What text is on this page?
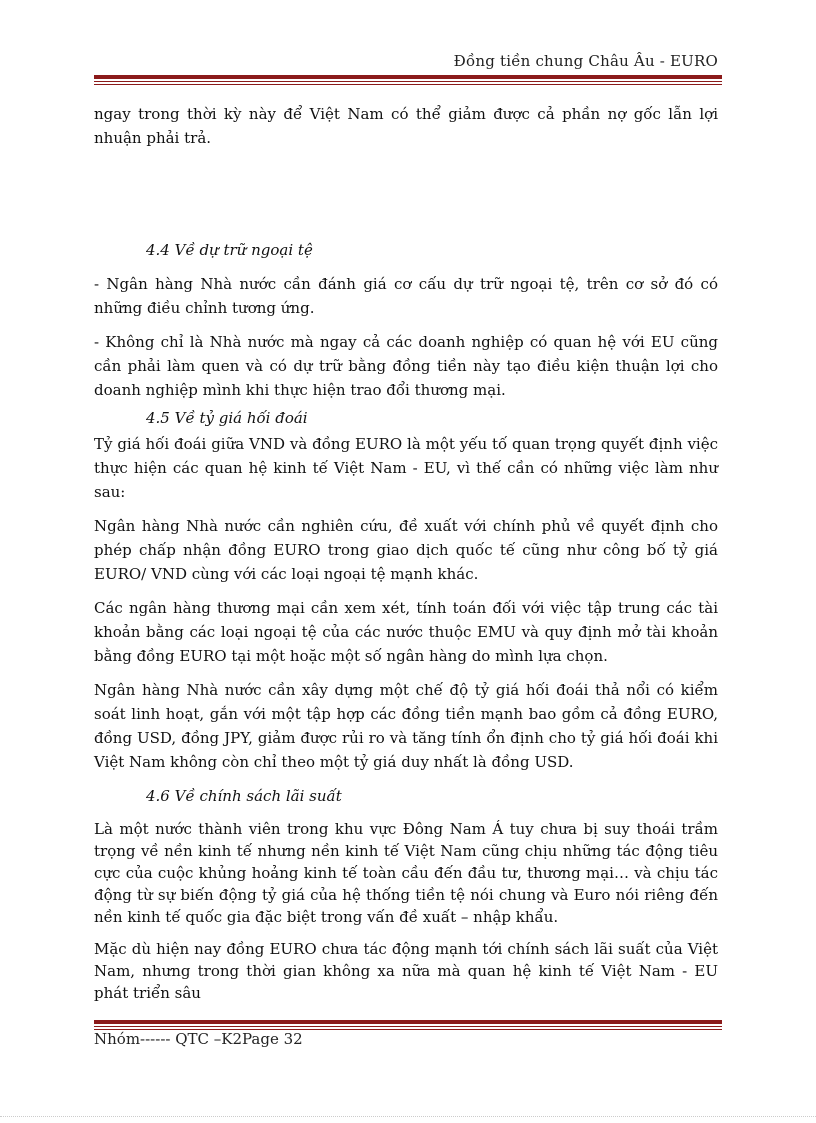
Đồng tiền chung Châu Âu - EURO

ngay trong thời kỳ này để Việt Nam có thể giảm được cả phần nợ gốc lẫn lợi nhuận phải trả.

4.4 Về dự trữ ngoại tệ

- Ngân hàng Nhà nước cần đánh giá cơ cấu dự trữ ngoại tệ, trên cơ sở đó có những điều chỉnh tương ứng.

- Không chỉ là Nhà nước mà ngay cả các doanh nghiệp có quan hệ với EU cũng cần phải làm quen và có dự trữ bằng đồng tiền này tạo điều kiện thuận lợi cho doanh nghiệp mình khi thực hiện trao đổi thương mại.

4.5 Về tỷ giá hối đoái

Tỷ giá hối đoái giữa VND và đồng EURO là một yếu tố quan trọng quyết định việc thực hiện các quan hệ kinh tế Việt Nam - EU, vì thế cần có những việc làm như sau:

Ngân hàng Nhà nước cần nghiên cứu, đề xuất với chính phủ về quyết định cho phép chấp nhận đồng EURO trong giao dịch quốc tế cũng như công bố tỷ giá EURO/ VND cùng với các loại ngoại tệ mạnh khác.

Các ngân hàng thương mại cần xem xét, tính toán đối với việc tập trung các tài khoản bằng các loại ngoại tệ của các nước thuộc EMU và quy định mở tài khoản bằng đồng EURO tại một hoặc một số ngân hàng do mình lựa chọn.

Ngân hàng Nhà nước cần xây dựng một chế độ tỷ giá hối đoái thả nổi có kiểm soát linh hoạt, gắn với một tập hợp các đồng tiền mạnh bao gồm cả đồng EURO, đồng USD, đồng JPY, giảm được rủi ro và tăng tính ổn định cho tỷ giá hối đoái khi Việt Nam không còn chỉ theo một tỷ giá duy nhất là đồng USD.

4.6 Về chính sách lãi suất

Là một nước thành viên trong khu vực Đông Nam Á tuy chưa bị suy thoái trầm trọng về nền kinh tế nhưng nền kinh tế Việt Nam cũng chịu những tác động tiêu cực của cuộc khủng hoảng kinh tế toàn cầu đến đầu tư, thương mại… và chịu tác động từ sự biến động tỷ giá của hệ thống tiền tệ nói chung và Euro nói riêng đến nền kinh tế quốc gia đặc biệt trong vấn đề xuất – nhập khẩu.

Mặc dù hiện nay đồng EURO chưa tác động mạnh tới chính sách lãi suất của Việt Nam, nhưng trong thời gian không xa nữa mà quan hệ kinh tế Việt Nam - EU phát triển sâu

Nhóm------ QTC –K2Page 32
